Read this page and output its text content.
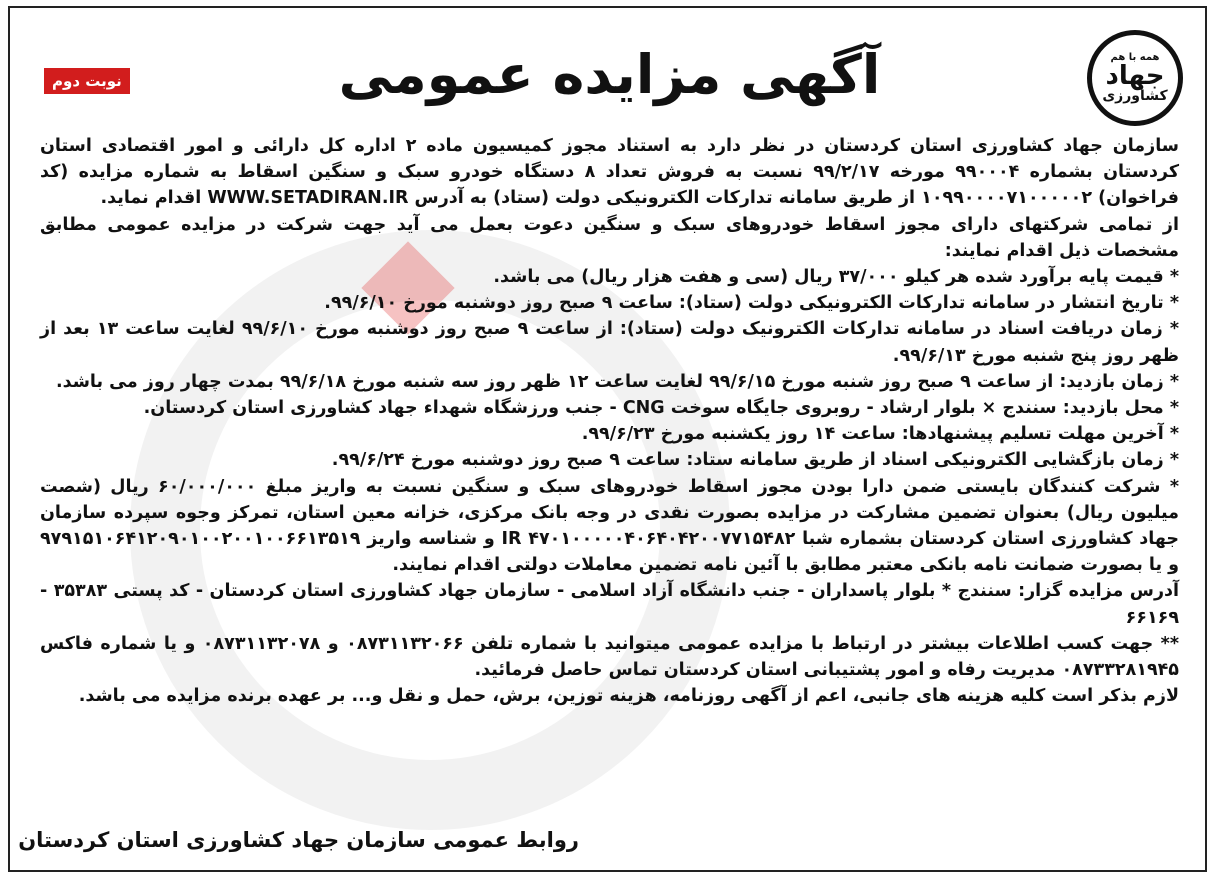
همه با هم
جهاد
کشاورزی
نوبت دوم	آگهی مزایده عمومی

سازمان جهاد کشاورزی استان کردستان در نظر دارد به استناد مجوز کمیسیون ماده ۲ اداره کل دارائی و امور اقتصادی استان کردستان بشماره ۹۹۰۰۰۴ مورخه ۹۹/۲/۱۷ نسبت به فروش تعداد ۸ دستگاه خودرو سبک و سنگین اسقاط به شماره مزایده (کد فراخوان) ۱۰۹۹۰۰۰۰۷۱۰۰۰۰۰۲ از طریق سامانه تدارکات الکترونیکی دولت (ستاد) به آدرس WWW.SETADIRAN.IR اقدام نماید.

از تمامی شرکتهای دارای مجوز اسقاط خودروهای سبک و سنگین دعوت بعمل می آید جهت شرکت در مزایده عمومی مطابق مشخصات ذیل اقدام نمایند:

* قیمت پایه برآورد شده هر کیلو ۳۷/۰۰۰ ریال (سی و هفت هزار ریال) می باشد.

* تاریخ انتشار در سامانه تدارکات الکترونیکی دولت (ستاد): ساعت ۹ صبح روز دوشنبه مورخ ۹۹/۶/۱۰.

* زمان دریافت اسناد در سامانه تدارکات الکترونیک دولت (ستاد): از ساعت ۹ صبح روز دوشنبه مورخ ۹۹/۶/۱۰ لغایت ساعت ۱۳ بعد از ظهر روز پنج شنبه مورخ ۹۹/۶/۱۳.

* زمان بازدید: از ساعت ۹ صبح روز شنبه مورخ ۹۹/۶/۱۵ لغایت ساعت ۱۲ ظهر روز سه شنبه مورخ ۹۹/۶/۱۸ بمدت چهار روز می باشد.

* محل بازدید: سنندج × بلوار ارشاد - روبروی جایگاه سوخت CNG - جنب ورزشگاه شهداء جهاد کشاورزی استان کردستان.

* آخرین مهلت تسلیم پیشنهادها: ساعت ۱۴ روز یکشنبه مورخ ۹۹/۶/۲۳.

* زمان بازگشایی الکترونیکی اسناد از طریق سامانه ستاد: ساعت ۹ صبح روز دوشنبه مورخ ۹۹/۶/۲۴.

* شرکت کنندگان بایستی ضمن دارا بودن مجوز اسقاط خودروهای سبک و سنگین نسبت به واریز مبلغ ۶۰/۰۰۰/۰۰۰ ریال (شصت میلیون ریال) بعنوان تضمین مشارکت در مزایده بصورت نقدی در وجه بانک مرکزی، خزانه معین استان، تمرکز وجوه سپرده سازمان جهاد کشاورزی استان کردستان بشماره شبا IR ۴۷۰۱۰۰۰۰۰۴۰۶۴۰۴۲۰۰۷۷۱۵۴۸۲ و شناسه واریز ۹۷۹۱۵۱۰۶۴۱۲۰۹۰۱۰۰۲۰۰۱۰۰۶۶۱۳۵۱۹ و یا بصورت ضمانت نامه بانکی معتبر مطابق با آئین نامه تضمین معاملات دولتی اقدام نمایند.

آدرس مزایده گزار: سنندج * بلوار پاسداران - جنب دانشگاه آزاد اسلامی - سازمان جهاد کشاورزی استان کردستان - کد پستی ۳۵۳۸۳ - ۶۶۱۶۹

** جهت کسب اطلاعات بیشتر در ارتباط با مزایده عمومی میتوانید با شماره تلفن ۰۸۷۳۱۱۳۲۰۶۶ و ۰۸۷۳۱۱۳۲۰۷۸ و یا شماره فاکس ۰۸۷۳۳۲۸۱۹۴۵ مدیریت رفاه و امور پشتیبانی استان کردستان تماس حاصل فرمائید.

لازم بذکر است کلیه هزینه های جانبی، اعم از آگهی روزنامه، هزینه توزین، برش، حمل و نقل و... بر عهده برنده مزایده می باشد.

روابط عمومی سازمان جهاد کشاورزی استان کردستان
